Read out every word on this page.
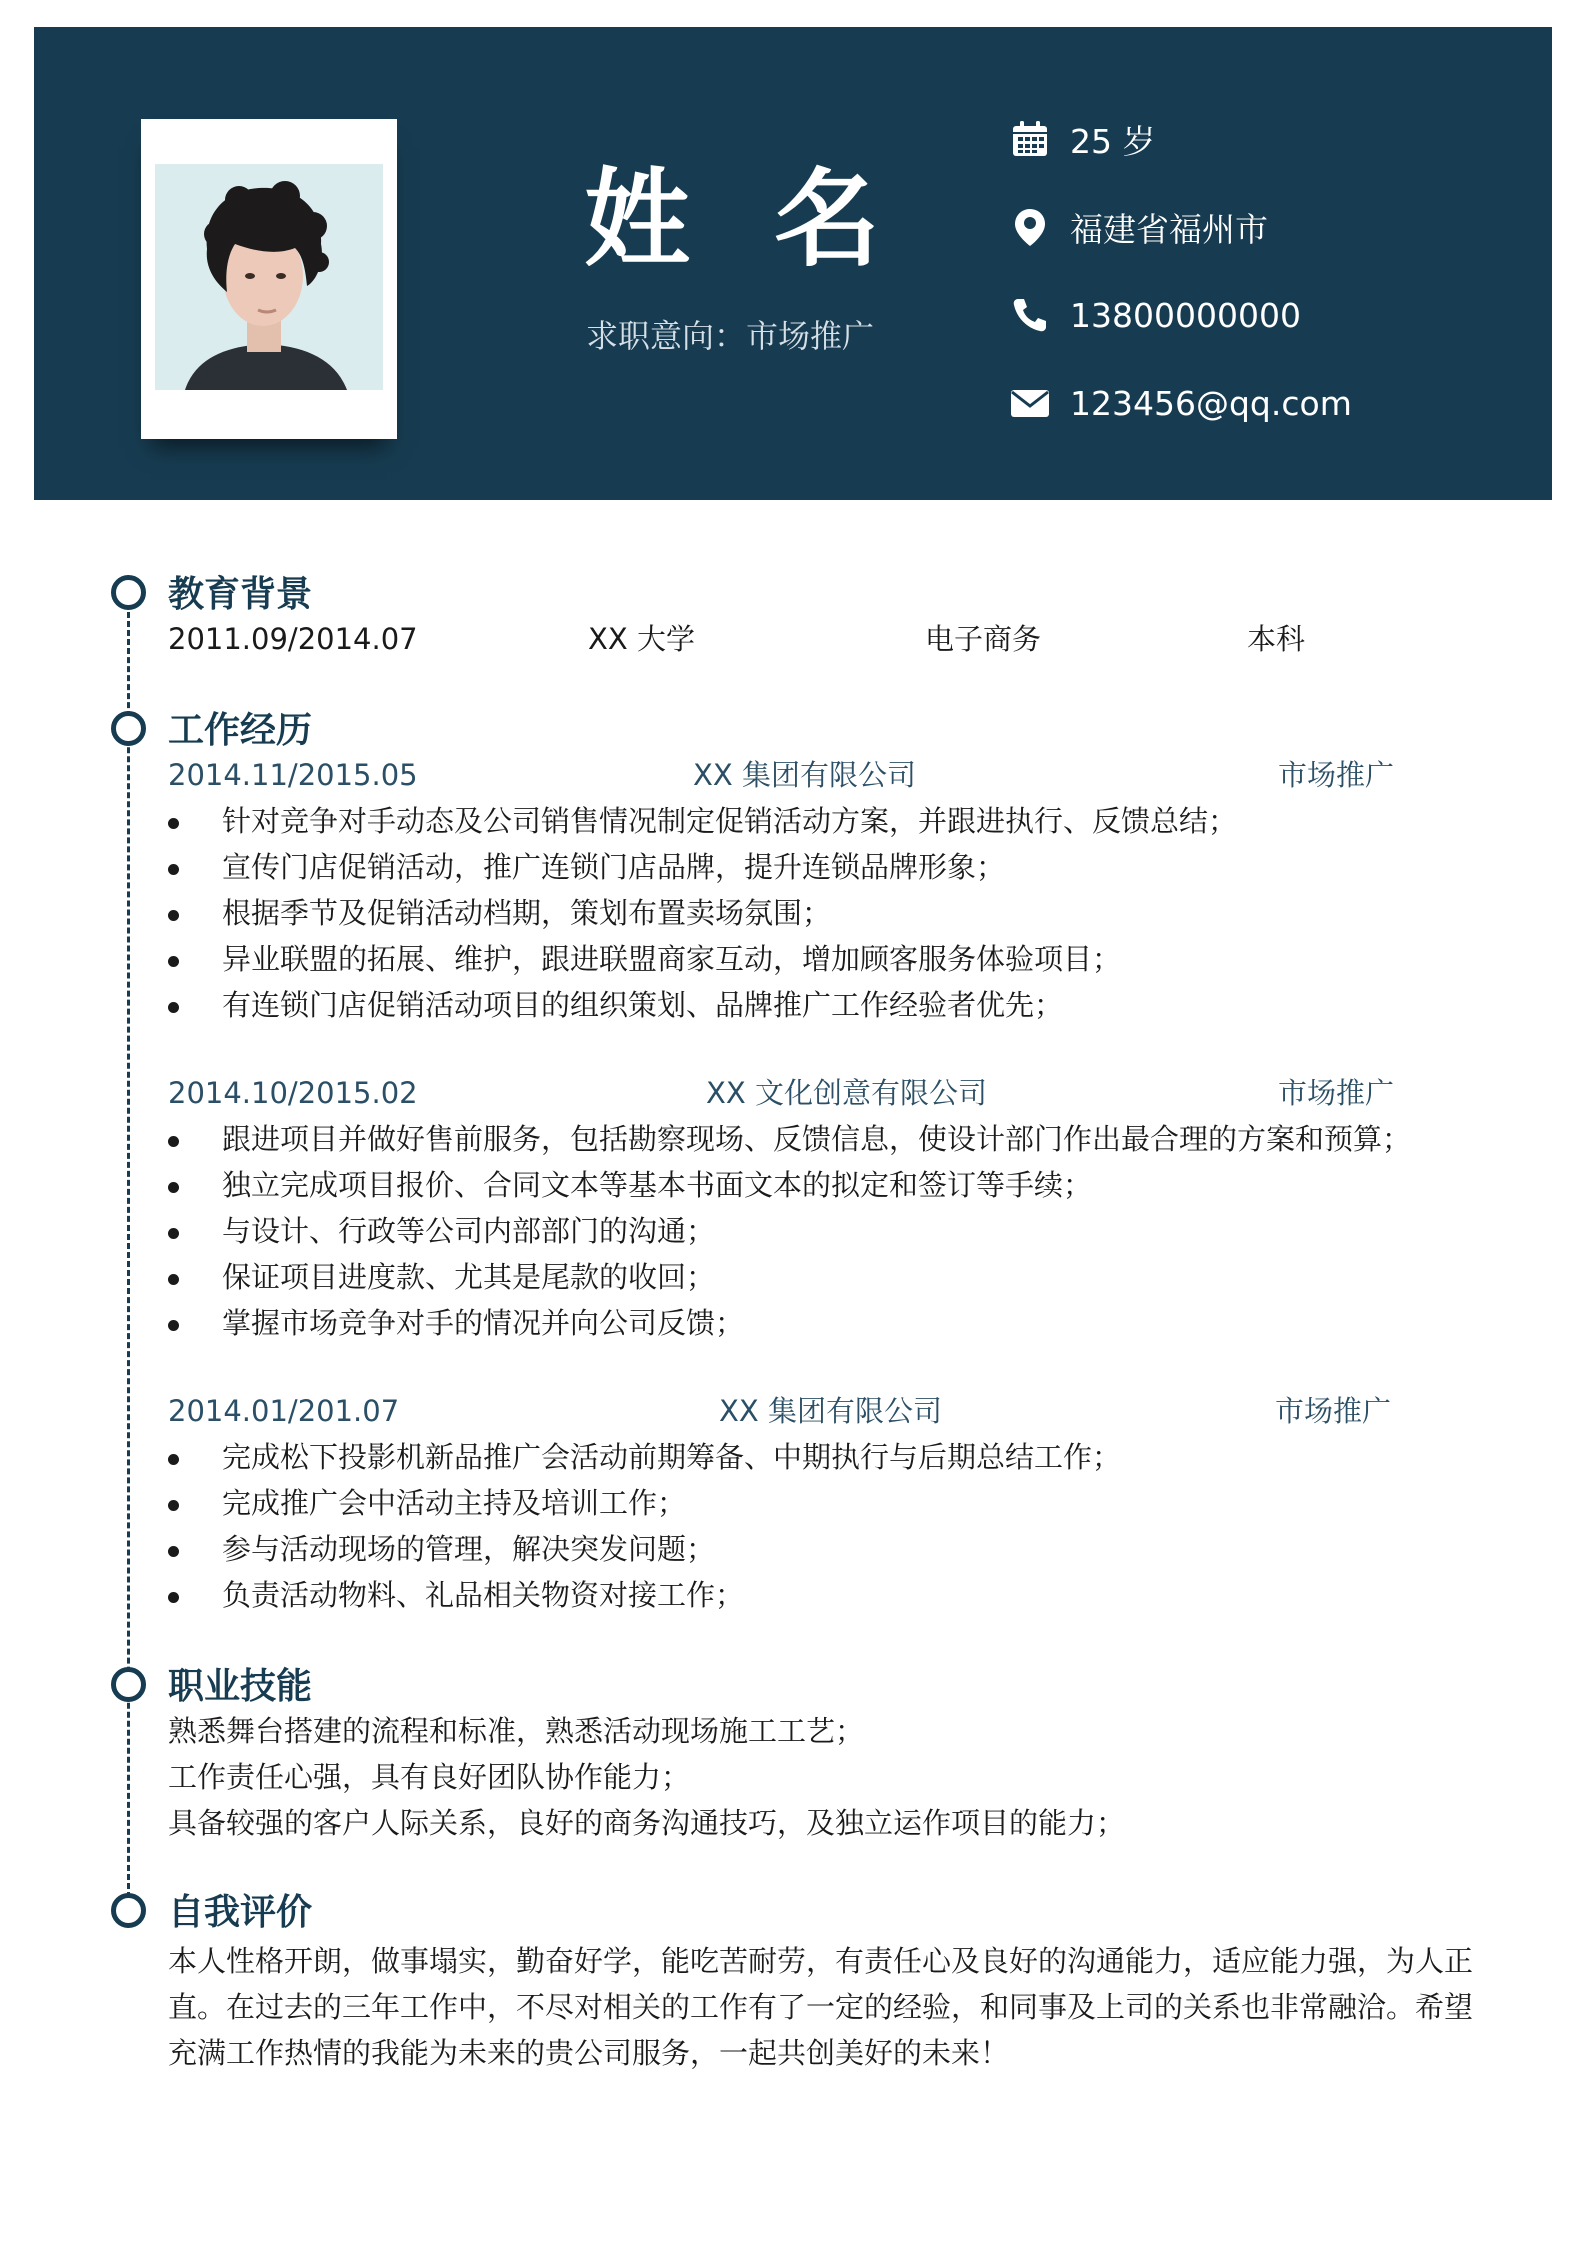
姓名
求职意向：市场推广
25 岁
福建省福州市
13800000000
123456@qq.com
教育背景
2011.09/2014.07	XX 大学	电子商务	本科
工作经历
2014.11/2015.05	XX 集团有限公司	市场推广
针对竞争对手动态及公司销售情况制定促销活动方案，并跟进执行、反馈总结；
宣传门店促销活动，推广连锁门店品牌，提升连锁品牌形象；
根据季节及促销活动档期，策划布置卖场氛围；
异业联盟的拓展、维护，跟进联盟商家互动，增加顾客服务体验项目；
有连锁门店促销活动项目的组织策划、品牌推广工作经验者优先；
2014.10/2015.02	XX 文化创意有限公司	市场推广
跟进项目并做好售前服务，包括勘察现场、反馈信息，使设计部门作出最合理的方案和预算；
独立完成项目报价、合同文本等基本书面文本的拟定和签订等手续；
与设计、行政等公司内部部门的沟通；
保证项目进度款、尤其是尾款的收回；
掌握市场竞争对手的情况并向公司反馈；
2014.01/201.07	XX 集团有限公司	市场推广
完成松下投影机新品推广会活动前期筹备、中期执行与后期总结工作；
完成推广会中活动主持及培训工作；
参与活动现场的管理，解决突发问题；
负责活动物料、礼品相关物资对接工作；
职业技能
熟悉舞台搭建的流程和标准，熟悉活动现场施工工艺；
工作责任心强，具有良好团队协作能力；
具备较强的客户人际关系，良好的商务沟通技巧，及独立运作项目的能力；
自我评价
本人性格开朗，做事塌实，勤奋好学，能吃苦耐劳，有责任心及良好的沟通能力，适应能力强，为人正直。在过去的三年工作中，不尽对相关的工作有了一定的经验，和同事及上司的关系也非常融洽。希望充满工作热情的我能为未来的贵公司服务，一起共创美好的未来！
